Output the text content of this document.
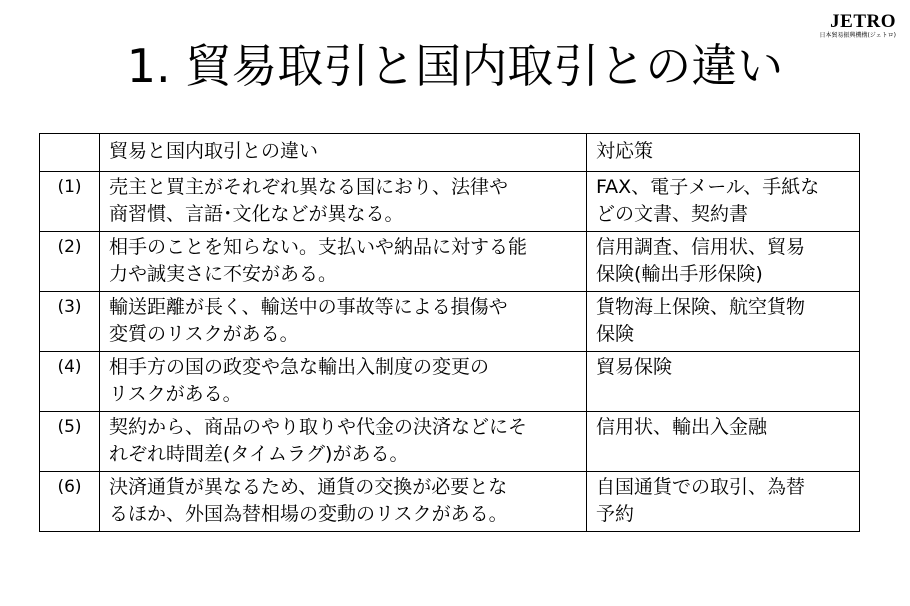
JETRO
日本貿易振興機構(ジェトロ)
1. 貿易取引と国内取引との違い
	貿易と国内取引との違い	対応策
(1)	売主と買主がそれぞれ異なる国におり、法律や
商習慣、言語･文化などが異なる。	FAX、電子メール、手紙な
どの文書、契約書

(2)	相手のことを知らない。支払いや納品に対する能
力や誠実さに不安がある。	信用調査、信用状、貿易
保険(輸出手形保険)

(3)	輸送距離が長く、輸送中の事故等による損傷や
変質のリスクがある。	貨物海上保険、航空貨物
保険

(4)	相手方の国の政変や急な輸出入制度の変更の
リスクがある。	貿易保険

(5)	契約から、商品のやり取りや代金の決済などにそ
れぞれ時間差(タイムラグ)がある。	信用状、輸出入金融

(6)	決済通貨が異なるため、通貨の交換が必要とな
るほか、外国為替相場の変動のリスクがある。	自国通貨での取引、為替
予約
